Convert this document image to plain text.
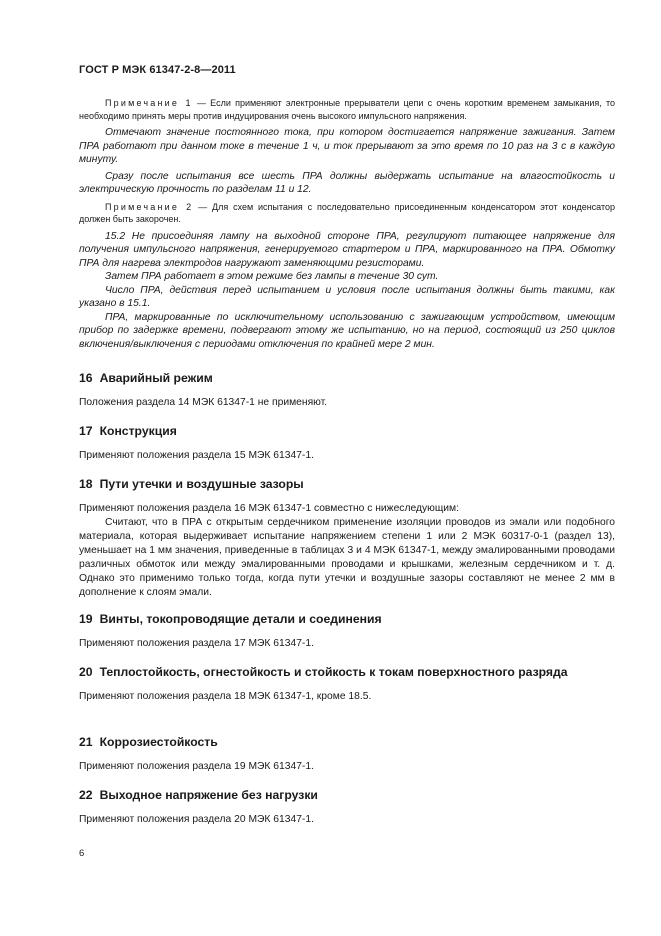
ГОСТ Р МЭК 61347-2-8—2011

Примечание 1 — Если применяют электронные прерыватели цепи с очень коротким временем замыкания, то необходимо принять меры против индуцирования очень высокого импульсного напряжения.

Отмечают значение постоянного тока, при котором достигается напряжение зажигания. Затем ПРА работают при данном токе в течение 1 ч, и ток прерывают за это время по 10 раз на 3 с в каждую минуту.

Сразу после испытания все шесть ПРА должны выдержать испытание на влагостойкость и электрическую прочность по разделам 11 и 12.

Примечание 2 — Для схем испытания с последовательно присоединенным конденсатором этот конденсатор должен быть закорочен.

15.2 Не присоединяя лампу на выходной стороне ПРА, регулируют питающее напряжение для получения импульсного напряжения, генерируемого стартером и ПРА, маркированного на ПРА. Обмотку ПРА для нагрева электродов нагружают заменяющими резисторами.

Затем ПРА работает в этом режиме без лампы в течение 30 сут.

Число ПРА, действия перед испытанием и условия после испытания должны быть такими, как указано в 15.1.

ПРА, маркированные по исключительному использованию с зажигающим устройством, имеющим прибор по задержке времени, подвергают этому же испытанию, но на период, состоящий из 250 циклов включения/выключения с периодами отключения по крайней мере 2 мин.

16 Аварийный режим

Положения раздела 14 МЭК 61347-1 не применяют.

17 Конструкция

Применяют положения раздела 15 МЭК 61347-1.

18 Пути утечки и воздушные зазоры

Применяют положения раздела 16 МЭК 61347-1 совместно с нижеследующим:

Считают, что в ПРА с открытым сердечником применение изоляции проводов из эмали или подобного материала, которая выдерживает испытание напряжением степени 1 или 2 МЭК 60317-0-1 (раздел 13), уменьшает на 1 мм значения, приведенные в таблицах 3 и 4 МЭК 61347-1, между эмалированными проводами различных обмоток или между эмалированными проводами и крышками, железным сердечником и т. д. Однако это применимо только тогда, когда пути утечки и воздушные зазоры составляют не менее 2 мм в дополнение к слоям эмали.

19 Винты, токопроводящие детали и соединения

Применяют положения раздела 17 МЭК 61347-1.

20 Теплостойкость, огнестойкость и стойкость к токам поверхностного разряда

Применяют положения раздела 18 МЭК 61347-1, кроме 18.5.

21 Коррозиестойкость

Применяют положения раздела 19 МЭК 61347-1.

22 Выходное напряжение без нагрузки

Применяют положения раздела 20 МЭК 61347-1.

6
